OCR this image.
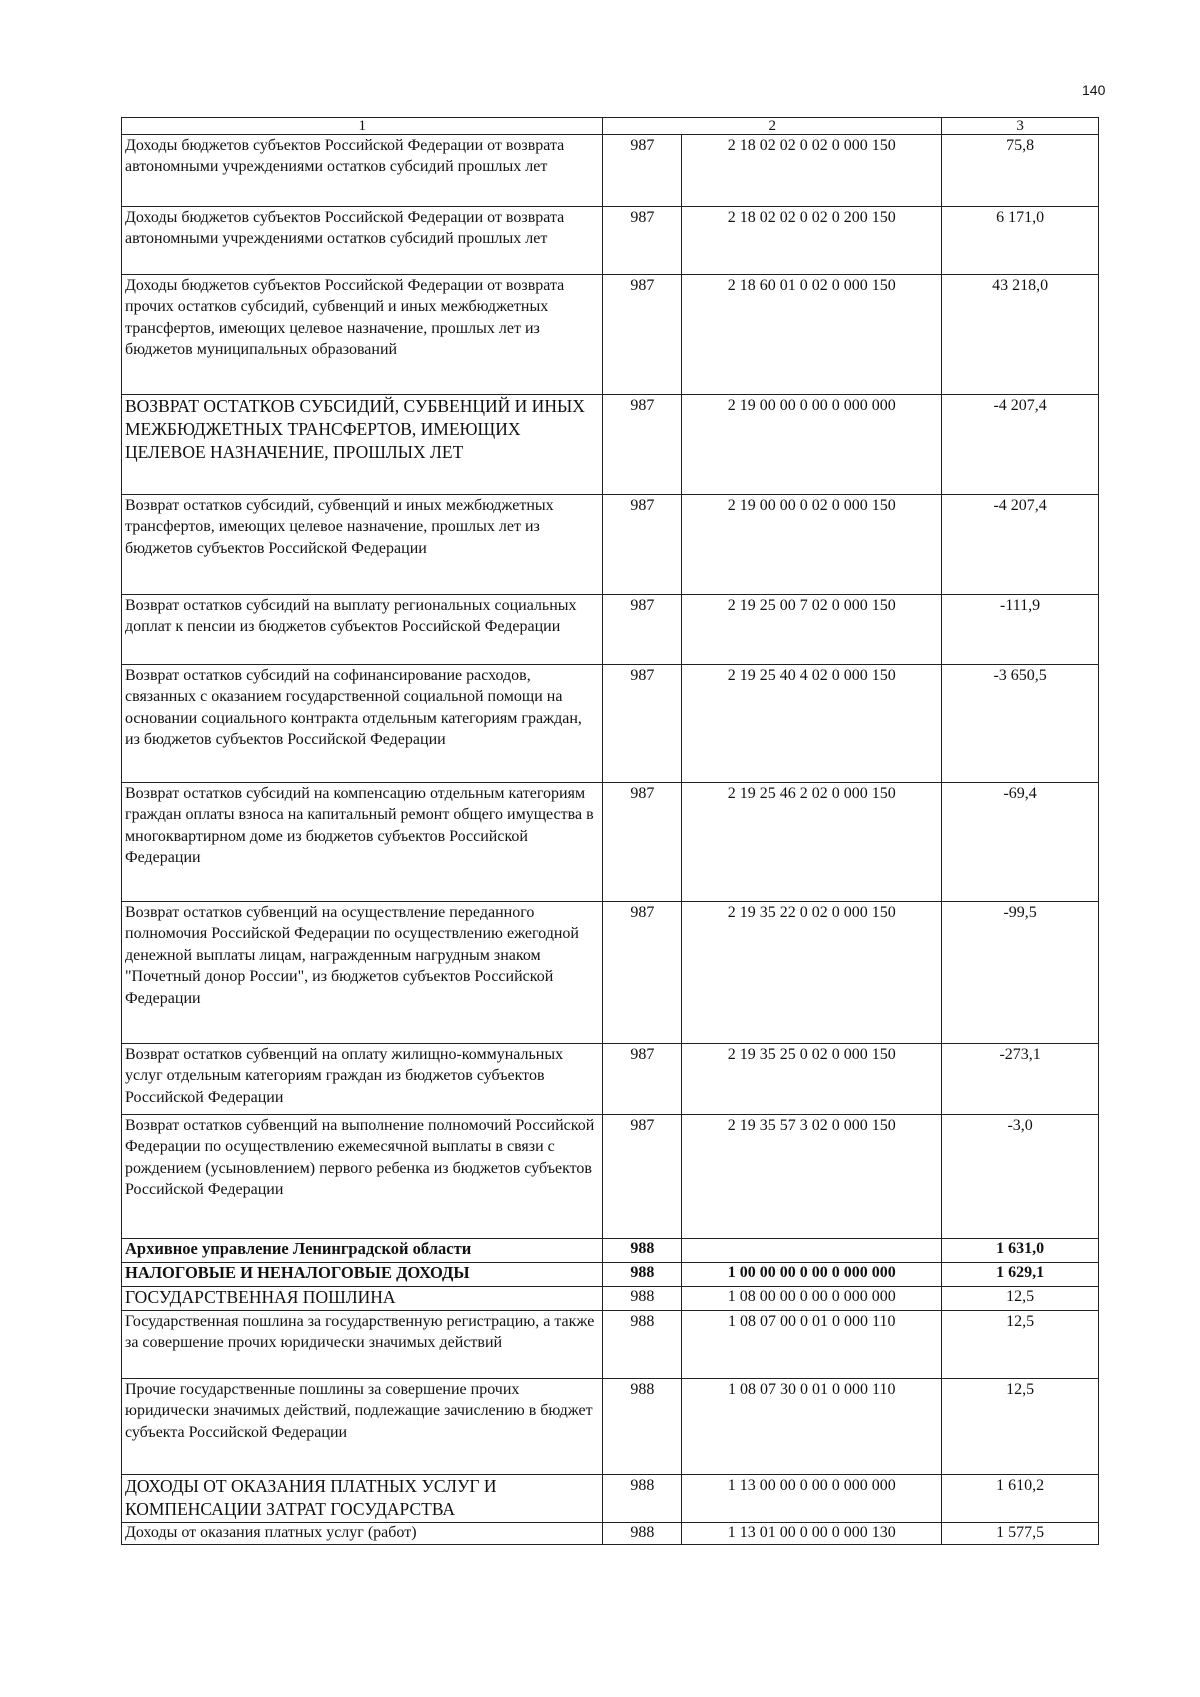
140
1	2		3
Доходы бюджетов субъектов Российской Федерации от возврата автономными учреждениями остатков субсидий прошлых лет	987	2 18 02 02 0 02 0 000 150	75,8
Доходы бюджетов субъектов Российской Федерации от возврата автономными учреждениями остатков субсидий прошлых лет	987	2 18 02 02 0 02 0 200 150	6 171,0
Доходы бюджетов субъектов Российской Федерации от возврата прочих остатков субсидий, субвенций и иных межбюджетных трансфертов, имеющих целевое назначение, прошлых лет из бюджетов муниципальных образований	987	2 18 60 01 0 02 0 000 150	43 218,0
ВОЗВРАТ ОСТАТКОВ СУБСИДИЙ, СУБВЕНЦИЙ И ИНЫХ МЕЖБЮДЖЕТНЫХ ТРАНСФЕРТОВ, ИМЕЮЩИХ ЦЕЛЕВОЕ НАЗНАЧЕНИЕ, ПРОШЛЫХ ЛЕТ	987	2 19 00 00 0 00 0 000 000	-4 207,4
Возврат остатков субсидий, субвенций и иных межбюджетных трансфертов, имеющих целевое назначение, прошлых лет из бюджетов субъектов Российской Федерации	987	2 19 00 00 0 02 0 000 150	-4 207,4
Возврат остатков субсидий на выплату региональных социальных доплат к пенсии из бюджетов субъектов Российской Федерации	987	2 19 25 00 7 02 0 000 150	-111,9
Возврат остатков субсидий на софинансирование расходов, связанных с оказанием государственной социальной помощи на основании социального контракта отдельным категориям граждан, из бюджетов субъектов Российской Федерации	987	2 19 25 40 4 02 0 000 150	-3 650,5
Возврат остатков субсидий на компенсацию отдельным категориям граждан оплаты взноса на капитальный ремонт общего имущества в многоквартирном доме из бюджетов субъектов Российской Федерации	987	2 19 25 46 2 02 0 000 150	-69,4
Возврат остатков субвенций на осуществление переданного полномочия Российской Федерации по осуществлению ежегодной денежной выплаты лицам, награжденным нагрудным знаком "Почетный донор России", из бюджетов субъектов Российской Федерации	987	2 19 35 22 0 02 0 000 150	-99,5
Возврат остатков субвенций на оплату жилищно-коммунальных услуг отдельным категориям граждан из бюджетов субъектов Российской Федерации	987	2 19 35 25 0 02 0 000 150	-273,1
Возврат остатков субвенций на выполнение полномочий Российской Федерации по осуществлению ежемесячной выплаты в связи с рождением (усыновлением) первого ребенка из бюджетов субъектов Российской Федерации	987	2 19 35 57 3 02 0 000 150	-3,0
Архивное управление Ленинградской области	988		1 631,0
НАЛОГОВЫЕ И НЕНАЛОГОВЫЕ ДОХОДЫ	988	1 00 00 00 0 00 0 000 000	1 629,1
ГОСУДАРСТВЕННАЯ ПОШЛИНА	988	1 08 00 00 0 00 0 000 000	12,5
Государственная пошлина за государственную регистрацию, а также за совершение прочих юридически значимых действий	988	1 08 07 00 0 01 0 000 110	12,5
Прочие государственные пошлины за совершение прочих юридически значимых действий, подлежащие зачислению в бюджет субъекта Российской Федерации	988	1 08 07 30 0 01 0 000 110	12,5
ДОХОДЫ ОТ ОКАЗАНИЯ ПЛАТНЫХ УСЛУГ И КОМПЕНСАЦИИ ЗАТРАТ ГОСУДАРСТВА	988	1 13 00 00 0 00 0 000 000	1 610,2
Доходы от оказания платных услуг (работ)	988	1 13 01 00 0 00 0 000 130	1 577,5
